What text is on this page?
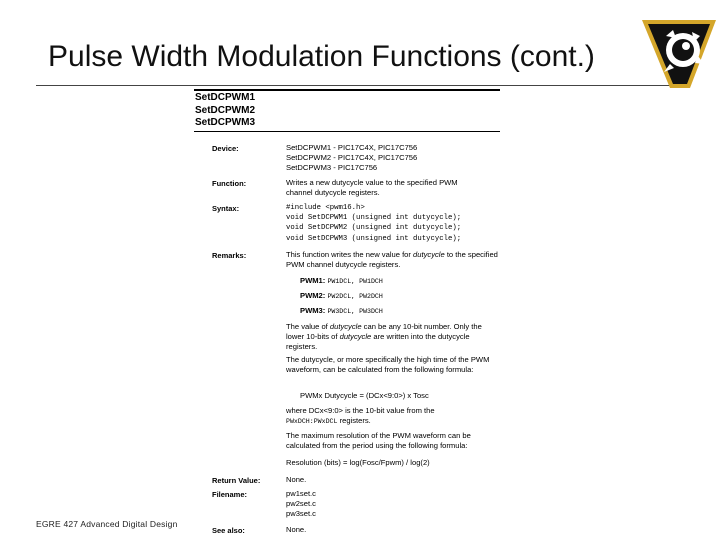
Pulse Width Modulation Functions (cont.)
SetDCPWM1
SetDCPWM2
SetDCPWM3
Device:	SetDCPWM1 - PIC17C4X, PIC17C756
SetDCPWM2 - PIC17C4X, PIC17C756
SetDCPWM3 - PIC17C756
Function:	Writes a new dutycycle value to the specified PWM
channel dutycycle registers.
Syntax:	#include <pwm16.h>
void SetDCPWM1 (unsigned int dutycycle);
void SetDCPWM2 (unsigned int dutycycle);
void SetDCPWM3 (unsigned int dutycycle);
Remarks:	This function writes the new value for dutycycle to the specified PWM channel dutycycle registers.
PWM1: PW1DCL, PW1DCH
PWM2: PW2DCL, PW2DCH
PWM3: PW3DCL, PW3DCH
The value of dutycycle can be any 10-bit number. Only the lower 10-bits of dutycycle are written into the dutycycle registers.
The dutycycle, or more specifically the high time of the PWM waveform, can be calculated from the following formula:
PWMx Dutycycle = (DCx<9:0>) x Tosc
where DCx<9:0> is the 10-bit value from the
PWxDCH:PWxDCL registers.
The maximum resolution of the PWM waveform can be calculated from the period using the following formula:
Resolution (bits) = log(Fosc/Fpwm) / log(2)
Return Value:	None.
Filename:	pw1set.c
pw2set.c
pw3set.c
See also:	None.
EGRE 427 Advanced Digital Design
